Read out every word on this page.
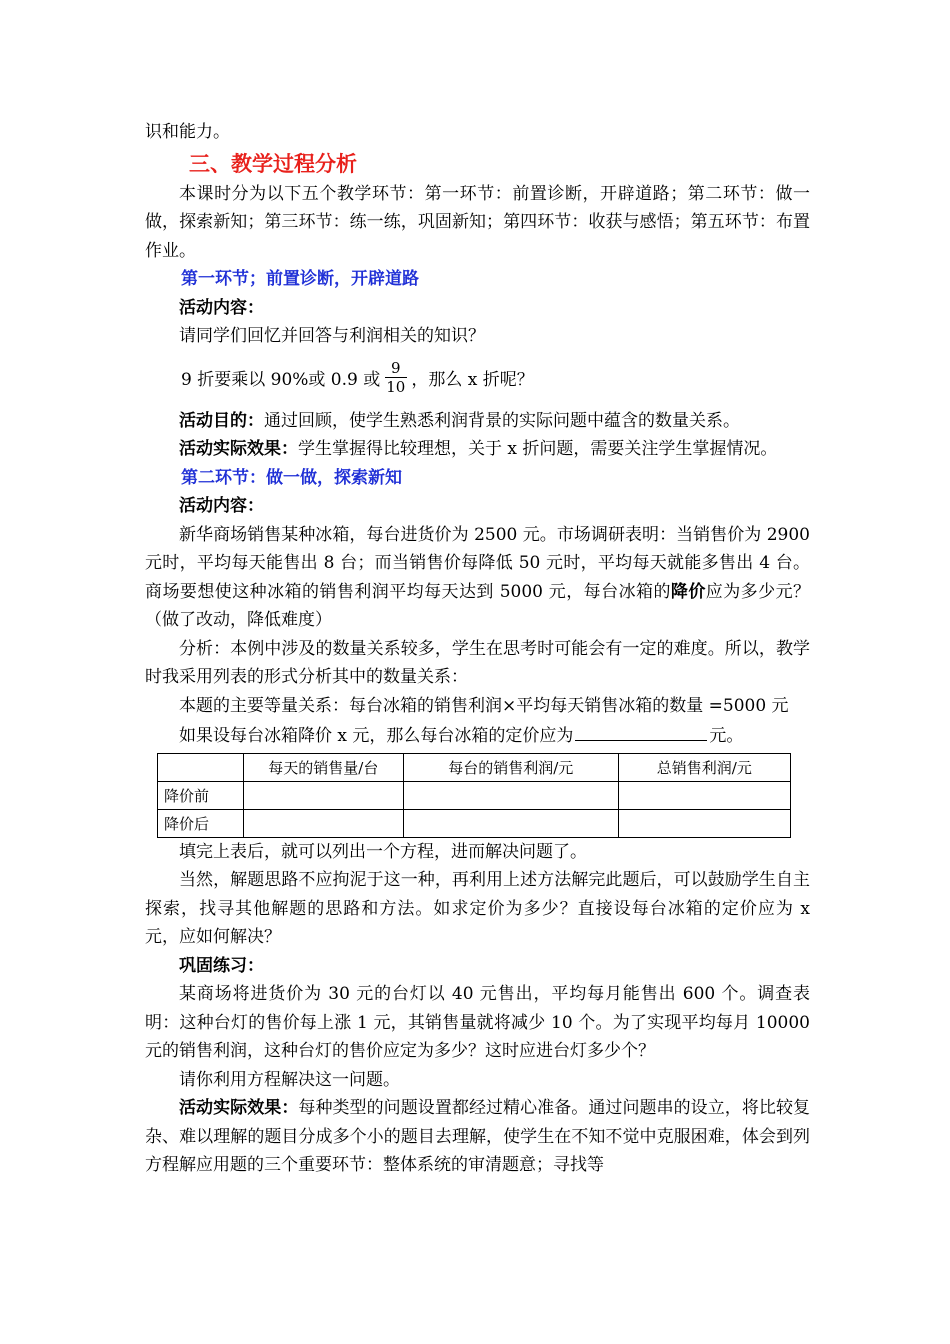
识和能力。

三、教学过程分析

本课时分为以下五个教学环节：第一环节：前置诊断，开辟道路；第二环节：做一做，探索新知；第三环节：练一练，巩固新知；第四环节：收获与感悟；第五环节：布置作业。

第一环节；前置诊断，开辟道路

活动内容：

请同学们回忆并回答与利润相关的知识？

9 折要乘以 90%或 0.9 或 $\frac{9}{10}$ ，那么 x 折呢？

活动目的：通过回顾，使学生熟悉利润背景的实际问题中蕴含的数量关系。

活动实际效果：学生掌握得比较理想，关于 x 折问题，需要关注学生掌握情况。

第二环节：做一做，探索新知

活动内容：

新华商场销售某种冰箱，每台进货价为 2500 元。市场调研表明：当销售价为 2900 元时，平均每天能售出 8 台；而当销售价每降低 50 元时，平均每天就能多售出 4 台。商场要想使这种冰箱的销售利润平均每天达到 5000 元，每台冰箱的降价应为多少元？（做了改动，降低难度）

分析：本例中涉及的数量关系较多，学生在思考时可能会有一定的难度。所以，教学时我采用列表的形式分析其中的数量关系：

本题的主要等量关系：每台冰箱的销售利润×平均每天销售冰箱的数量 =5000 元

如果设每台冰箱降价 x 元，那么每台冰箱的定价应为	元。

	每天的销售量/台	每台的销售利润/元	总销售利润/元
降价前			
降价后			

填完上表后，就可以列出一个方程，进而解决问题了。

当然，解题思路不应拘泥于这一种，再利用上述方法解完此题后，可以鼓励学生自主探索，找寻其他解题的思路和方法。如求定价为多少？直接设每台冰箱的定价应为 x 元，应如何解决？

巩固练习：

某商场将进货价为 30 元的台灯以 40 元售出，平均每月能售出 600 个。调查表明：这种台灯的售价每上涨 1 元，其销售量就将减少 10 个。为了实现平均每月 10000 元的销售利润，这种台灯的售价应定为多少？这时应进台灯多少个？

请你利用方程解决这一问题。

活动实际效果：每种类型的问题设置都经过精心准备。通过问题串的设立，将比较复杂、难以理解的题目分成多个小的题目去理解，使学生在不知不觉中克服困难，体会到列方程解应用题的三个重要环节：整体系统的审清题意；寻找等
